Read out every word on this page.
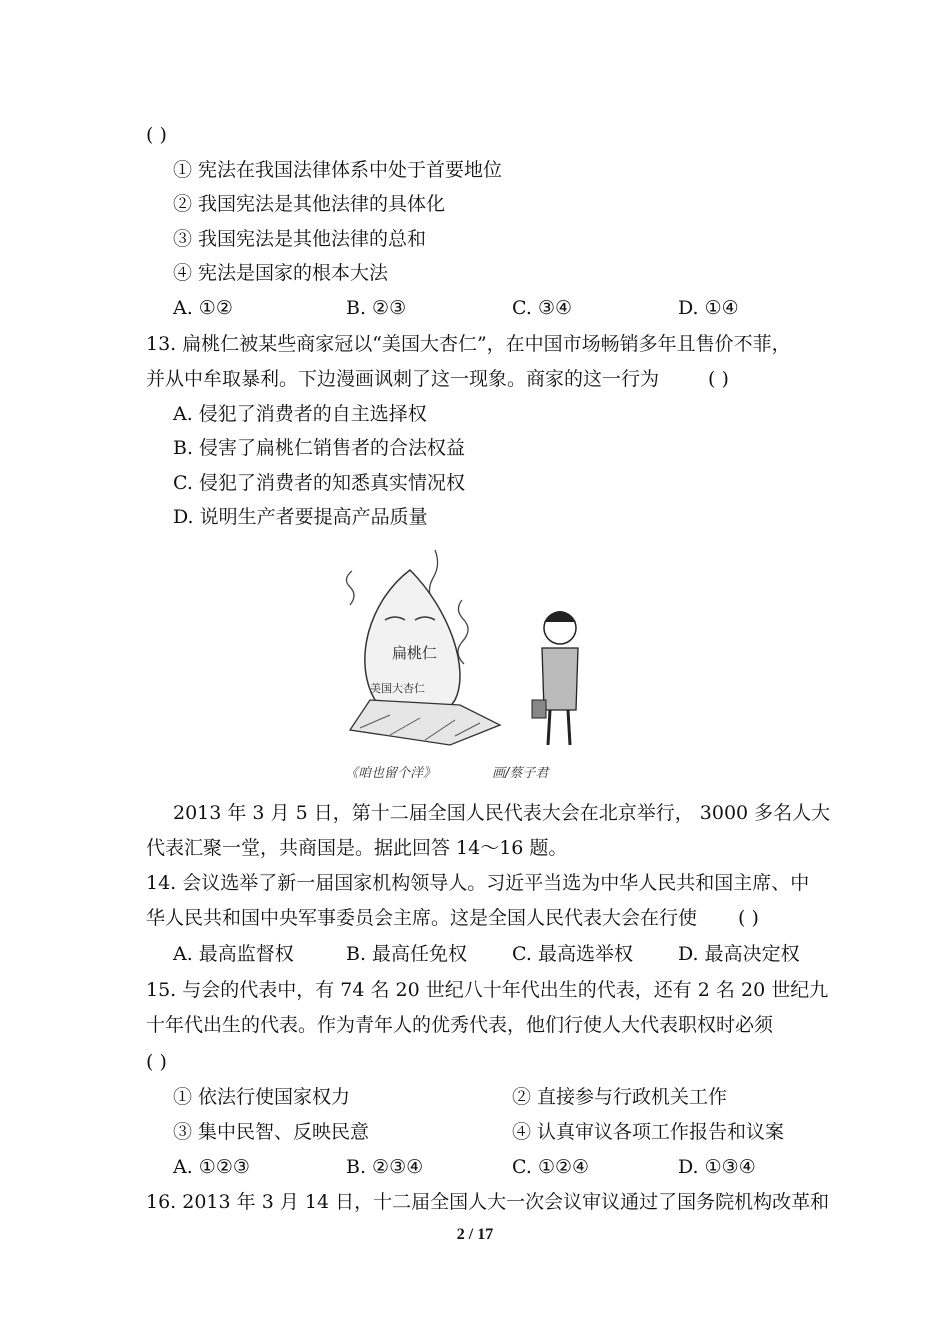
( )
① 宪法在我国法律体系中处于首要地位
② 我国宪法是其他法律的具体化
③ 我国宪法是其他法律的总和
④ 宪法是国家的根本大法
A. ①②	B. ②③	C. ③④	D. ①④
13. 扁桃仁被某些商家冠以“美国大杏仁”，在中国市场畅销多年且售价不菲，
并从中牟取暴利。下边漫画讽刺了这一现象。商家的这一行为	( )
A. 侵犯了消费者的自主选择权
B. 侵害了扁桃仁销售者的合法权益
C. 侵犯了消费者的知悉真实情况权
D. 说明生产者要提高产品质量
扁桃仁
美国大杏仁
《咱也留个洋》	画/蔡子君
2013 年 3 月 5 日，第十二届全国人民代表大会在北京举行， 3000 多名人大
代表汇聚一堂，共商国是。据此回答 14～16 题。
14. 会议选举了新一届国家机构领导人。习近平当选为中华人民共和国主席、中
华人民共和国中央军事委员会主席。这是全国人民代表大会在行使 ( )
A. 最高监督权	B. 最高任免权 C. 最高选举权 D. 最高决定权
15. 与会的代表中，有 74 名 20 世纪八十年代出生的代表，还有 2 名 20 世纪九
十年代出生的代表。作为青年人的优秀代表，他们行使人大代表职权时必须
( )
① 依法行使国家权力	② 直接参与行政机关工作
③ 集中民智、反映民意	④ 认真审议各项工作报告和议案
A. ①②③	B. ②③④	C. ①②④	D. ①③④
16. 2013 年 3 月 14 日，十二届全国人大一次会议审议通过了国务院机构改革和
2 / 17
